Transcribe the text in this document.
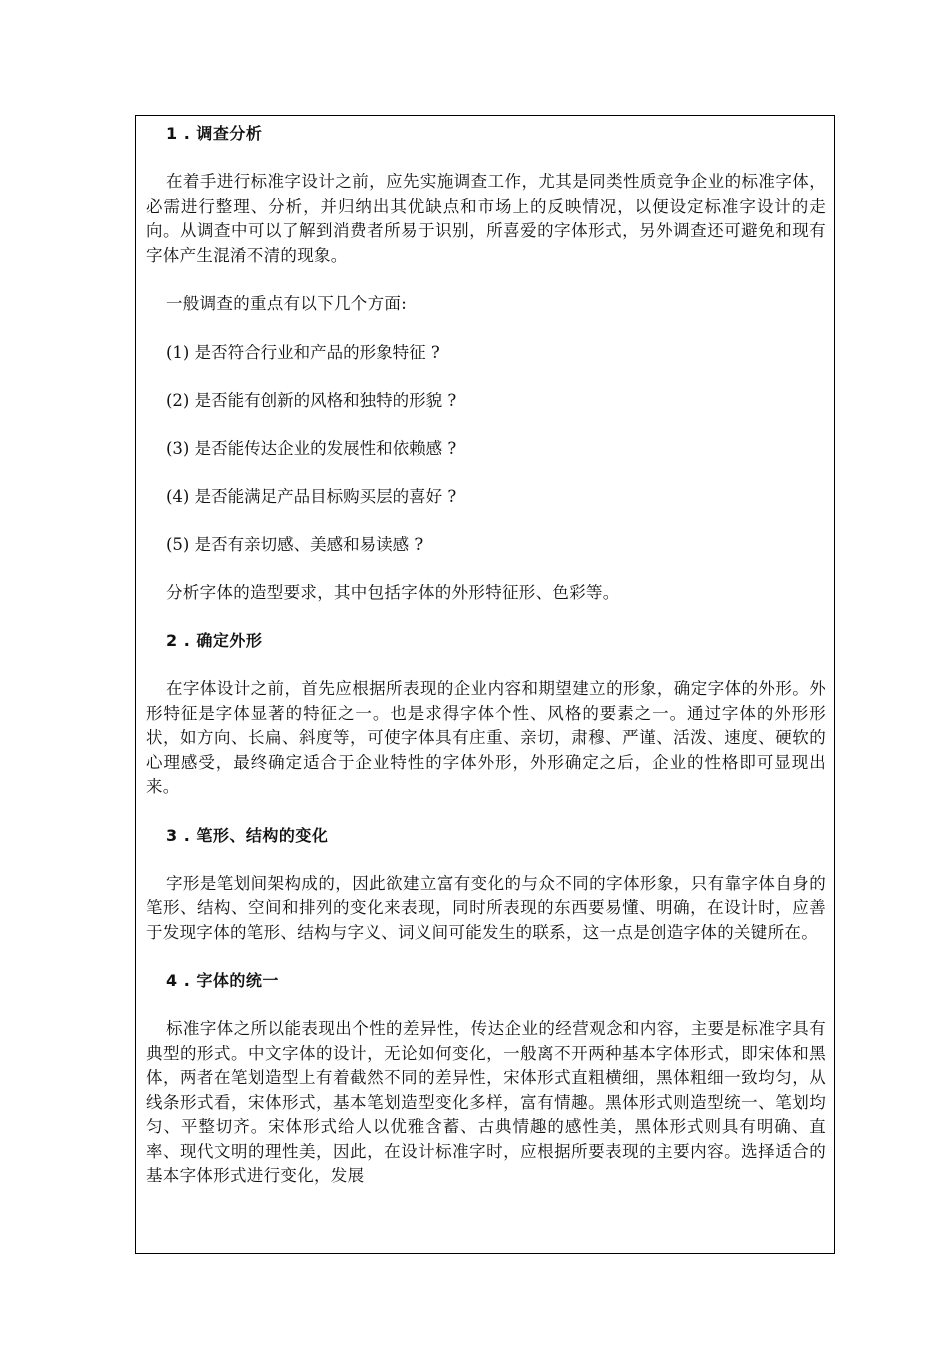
1 . 调查分析

在着手进行标准字设计之前，应先实施调查工作，尤其是同类性质竞争企业的标准字体，必需进行整理、分析，并归纳出其优缺点和市场上的反映情况，以便设定标准字设计的走向。从调查中可以了解到消费者所易于识别，所喜爱的字体形式，另外调查还可避免和现有字体产生混淆不清的现象。

一般调查的重点有以下几个方面:

(1) 是否符合行业和产品的形象特征 ?

(2) 是否能有创新的风格和独特的形貌 ?

(3) 是否能传达企业的发展性和依赖感 ?

(4) 是否能满足产品目标购买层的喜好 ?

(5) 是否有亲切感、美感和易读感 ?

分析字体的造型要求，其中包括字体的外形特征形、色彩等。

2 . 确定外形

在字体设计之前，首先应根据所表现的企业内容和期望建立的形象，确定字体的外形。外形特征是字体显著的特征之一。也是求得字体个性、风格的要素之一。通过字体的外形形状，如方向、长扁、斜度等，可使字体具有庄重、亲切，肃穆、严谨、活泼、速度、硬软的心理感受，最终确定适合于企业特性的字体外形，外形确定之后，企业的性格即可显现出来。

3 . 笔形、结构的变化

字形是笔划间架构成的，因此欲建立富有变化的与众不同的字体形象，只有靠字体自身的笔形、结构、空间和排列的变化来表现，同时所表现的东西要易懂、明确，在设计时，应善于发现字体的笔形、结构与字义、词义间可能发生的联系，这一点是创造字体的关键所在。

4 . 字体的统一

标准字体之所以能表现出个性的差异性，传达企业的经营观念和内容，主要是标准字具有典型的形式。中文字体的设计，无论如何变化，一般离不开两种基本字体形式，即宋体和黑体，两者在笔划造型上有着截然不同的差异性，宋体形式直粗横细，黑体粗细一致均匀，从线条形式看，宋体形式，基本笔划造型变化多样，富有情趣。黑体形式则造型统一、笔划均匀、平整切齐。宋体形式给人以优雅含蓄、古典情趣的感性美，黑体形式则具有明确、直率、现代文明的理性美，因此，在设计标准字时，应根据所要表现的主要内容。选择适合的基本字体形式进行变化，发展
